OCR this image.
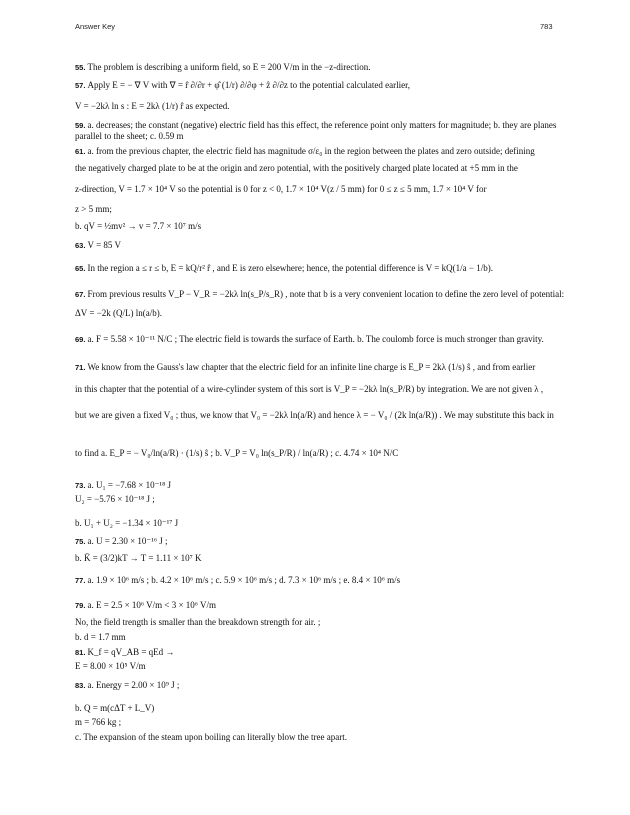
Answer Key	783
55. The problem is describing a uniform field, so E = 200 V/m in the −z-direction.
57. Apply E = − ∇ V with ∇ = r̂ ∂/∂r + φ̂ (1/r) ∂/∂φ + ẑ ∂/∂z to the potential calculated earlier,
V = −2kλ ln s : E = 2kλ (1/r) r̂ as expected.
59. a. decreases; the constant (negative) electric field has this effect, the reference point only matters for magnitude; b. they are planes parallel to the sheet; c. 0.59 m
61. a. from the previous chapter, the electric field has magnitude σ/ε₀ in the region between the plates and zero outside; defining
the negatively charged plate to be at the origin and zero potential, with the positively charged plate located at +5 mm in the
z-direction, V = 1.7 × 10⁴ V so the potential is 0 for z < 0, 1.7 × 10⁴ V(z / 5 mm) for 0 ≤ z ≤ 5 mm, 1.7 × 10⁴ V for
z > 5 mm;
b. qV = ½mv² → v = 7.7 × 10⁷ m/s
63. V = 85 V
65. In the region a ≤ r ≤ b, E = kQ/r² r̂ , and E is zero elsewhere; hence, the potential difference is V = kQ(1/a − 1/b).
67. From previous results V_P − V_R = −2kλ ln(s_P/s_R) , note that b is a very convenient location to define the zero level of potential:
ΔV = −2k (Q/L) ln(a/b).
69. a. F = 5.58 × 10⁻¹¹ N/C ; The electric field is towards the surface of Earth. b. The coulomb force is much stronger than gravity.
71. We know from the Gauss's law chapter that the electric field for an infinite line charge is E_P = 2kλ (1/s) ŝ , and from earlier
in this chapter that the potential of a wire-cylinder system of this sort is V_P = −2kλ ln(s_P/R) by integration. We are not given λ ,
but we are given a fixed V₀ ; thus, we know that V₀ = −2kλ ln(a/R) and hence λ = − V₀ / (2k ln(a/R)) . We may substitute this back in
to find a. E_P = − V₀/ln(a/R) · (1/s) ŝ ; b. V_P = V₀ ln(s_P/R) / ln(a/R) ; c. 4.74 × 10⁴ N/C
73. a. U₁ = −7.68 × 10⁻¹⁸ J
U₂ = −5.76 × 10⁻¹⁸ J ;
b. U₁ + U₂ = −1.34 × 10⁻¹⁷ J
75. a. U = 2.30 × 10⁻¹⁶ J ;
b. K̄ = (3/2)kT → T = 1.11 × 10⁷ K
77. a. 1.9 × 10⁶ m/s ; b. 4.2 × 10⁶ m/s ; c. 5.9 × 10⁶ m/s ; d. 7.3 × 10⁶ m/s ; e. 8.4 × 10⁶ m/s
79. a. E = 2.5 × 10⁶ V/m < 3 × 10⁶ V/m
No, the field trength is smaller than the breakdown strength for air. ;
b. d = 1.7 mm
81. K_f = qV_AB = qEd →
E = 8.00 × 10⁵ V/m
83. a. Energy = 2.00 × 10⁹ J ;
b. Q = m(cΔT + L_V)
m = 766 kg ;
c. The expansion of the steam upon boiling can literally blow the tree apart.
